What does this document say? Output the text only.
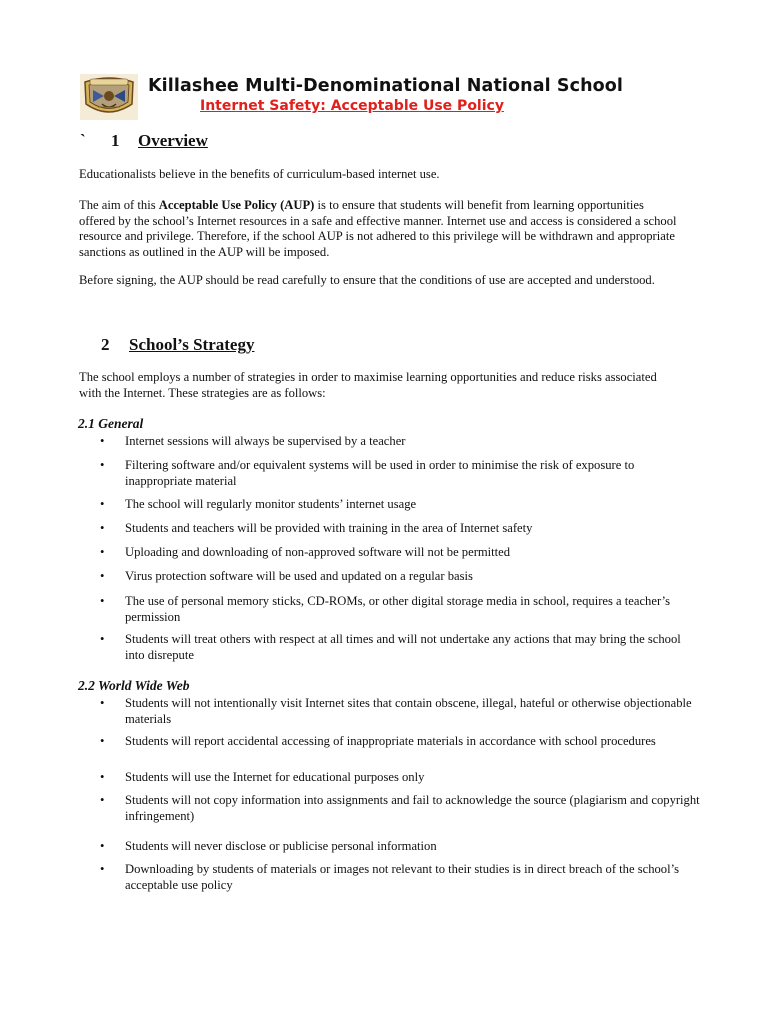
Killashee Multi-Denominational National School
Internet Safety: Acceptable Use Policy
` 1 Overview
Educationalists believe in the benefits of curriculum-based internet use.
The aim of this Acceptable Use Policy (AUP) is to ensure that students will benefit from learning opportunities offered by the school’s Internet resources in a safe and effective manner. Internet use and access is considered a school resource and privilege. Therefore, if the school AUP is not adhered to this privilege will be withdrawn and appropriate sanctions as outlined in the AUP will be imposed.
Before signing, the AUP should be read carefully to ensure that the conditions of use are accepted and understood.
2 School’s Strategy
The school employs a number of strategies in order to maximise learning opportunities and reduce risks associated with the Internet. These strategies are as follows:
2.1 General
• Internet sessions will always be supervised by a teacher
• Filtering software and/or equivalent systems will be used in order to minimise the risk of exposure to inappropriate material
• The school will regularly monitor students’ internet usage
• Students and teachers will be provided with training in the area of Internet safety
• Uploading and downloading of non-approved software will not be permitted
• Virus protection software will be used and updated on a regular basis
• The use of personal memory sticks, CD-ROMs, or other digital storage media in school, requires a teacher’s permission
• Students will treat others with respect at all times and will not undertake any actions that may bring the school into disrepute
2.2 World Wide Web
• Students will not intentionally visit Internet sites that contain obscene, illegal, hateful or otherwise objectionable materials
• Students will report accidental accessing of inappropriate materials in accordance with school procedures
• Students will use the Internet for educational purposes only
• Students will not copy information into assignments and fail to acknowledge the source (plagiarism and copyright infringement)
• Students will never disclose or publicise personal information
• Downloading by students of materials or images not relevant to their studies is in direct breach of the school’s acceptable use policy
